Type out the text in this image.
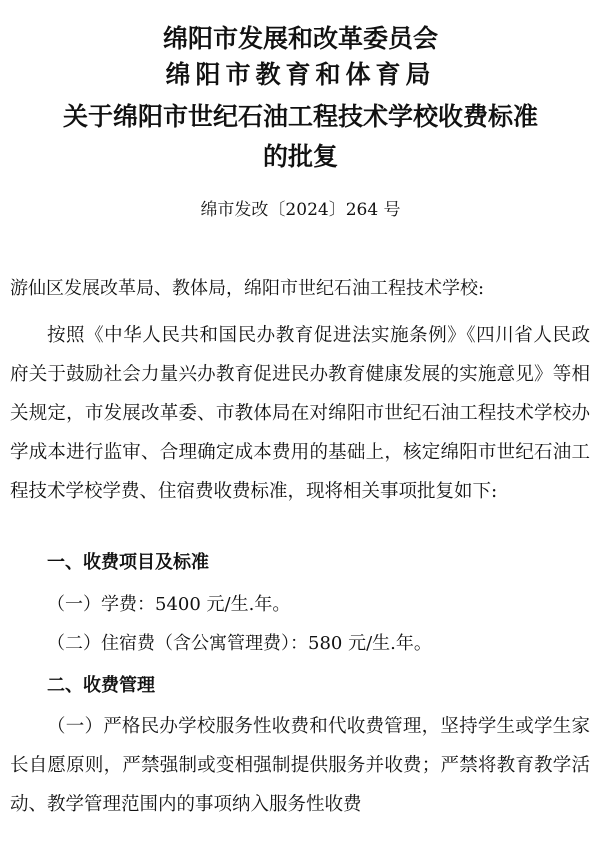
绵阳市发展和改革委员会
绵阳市教育和体育局
关于绵阳市世纪石油工程技术学校收费标准
的批复
绵市发改〔2024〕264 号
游仙区发展改革局、教体局，绵阳市世纪石油工程技术学校:
按照《中华人民共和国民办教育促进法实施条例》《四川省人民政府关于鼓励社会力量兴办教育促进民办教育健康发展的实施意见》等相关规定，市发展改革委、市教体局在对绵阳市世纪石油工程技术学校办学成本进行监审、合理确定成本费用的基础上，核定绵阳市世纪石油工程技术学校学费、住宿费收费标准，现将相关事项批复如下:
一、收费项目及标准
（一）学费：5400 元/生.年。
（二）住宿费（含公寓管理费）：580 元/生.年。
二、收费管理
（一）严格民办学校服务性收费和代收费管理，坚持学生或学生家长自愿原则，严禁强制或变相强制提供服务并收费；严禁将教育教学活动、教学管理范围内的事项纳入服务性收费
